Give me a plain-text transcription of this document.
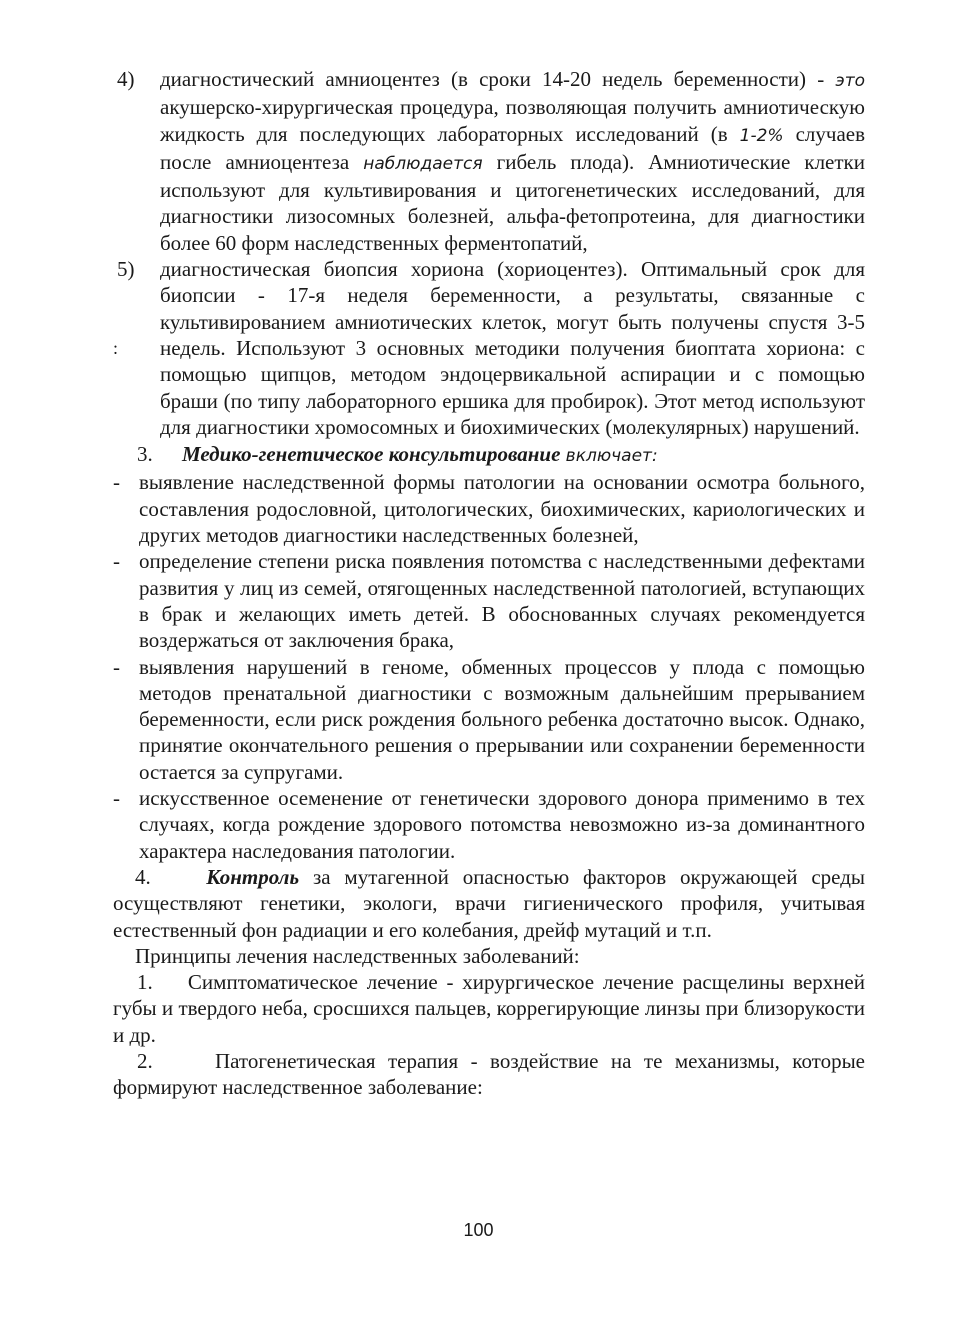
4)	диагностический амниоцентез (в сроки 14-20 недель беременности) - это акушерско-хирургическая процедура, позволяющая получить амниотическую жидкость для последующих лабораторных исследований (в 1-2% случаев после амниоцентеза наблюдается гибель плода). Амниотические клетки используют для культивирования и цитогенетических исследований, для диагностики лизосомных болезней, альфа-фетопротеина, для диагностики более 60 форм наследственных ферментопатий,
:
5)	диагностическая биопсия хориона (хориоцентез). Оптимальный срок для биопсии - 17-я неделя беременности, а результаты, связанные с культивированием амниотических клеток, могут быть получены спустя 3-5 недель. Используют 3 основных методики получения биоптата хориона: с помощью щипцов, методом эндоцервикальной аспирации и с помощью браши (по типу лабораторного ершика для пробирок). Этот метод используют для диагностики хромосомных и биохимических (молекулярных) нарушений.
3. Медико-генетическое консультирование включает:
- выявление наследственной формы патологии на основании осмотра больного, составления родословной, цитологических, биохимических, кариологических и других методов диагностики наследственных болезней,
- определение степени риска появления потомства с наследственными дефектами развития у лиц из семей, отягощенных наследственной патологией, вступающих в брак и желающих иметь детей. В обоснованных случаях рекомендуется воздержаться от заключения брака,
- выявления нарушений в геноме, обменных процессов у плода с помощью методов пренатальной диагностики с возможным дальнейшим прерыванием беременности, если риск рождения больного ребенка достаточно высок. Однако, принятие окончательного решения о прерывании или сохранении беременности остается за супругами.
- искусственное осеменение от генетически здорового донора применимо в тех случаях, когда рождение здорового потомства невозможно из-за доминантного характера наследования патологии.
4.	Контроль за мутагенной опасностью факторов окружающей среды осуществляют генетики, экологи, врачи гигиенического профиля, учитывая естественный фон радиации и его колебания, дрейф мутаций и т.п.
Принципы лечения наследственных заболеваний:
1. Симптоматическое лечение - хирургическое лечение расщелины верхней губы и твердого неба, сросшихся пальцев, коррегирующие линзы при близорукости и др.
2.	Патогенетическая терапия - воздействие на те механизмы, которые формируют наследственное заболевание:
100
